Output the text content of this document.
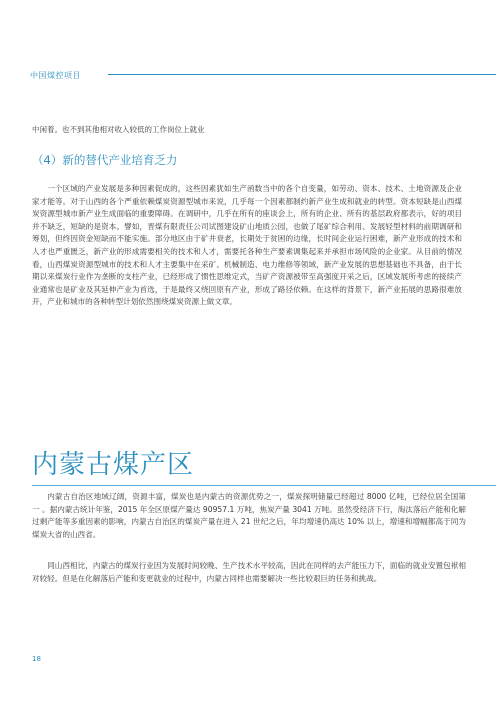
中国煤控项目

中闲着。也不到其他相对收入较低的工作岗位上就业

（4）新的替代产业培育乏力

一个区域的产业发展是多种因素促成的，这些因素犹如生产函数当中的各个自变量，如劳动、资本、技术、土地资源及企业家才能等。对于山西的各个严重依赖煤炭资源型城市来说，几乎每一个因素都制约新产业生成和就业的转型。资本短缺是山西煤炭资源型城市新产业生成面临的重要障碍。在调研中，几乎在所有的座谈会上，所有的企业、所有的基层政府都表示，好的项目并不缺乏，短缺的是资本。譬如，晋煤有限责任公司试图建设矿山地质公园，也做了尾矿综合利用、发展轻型材料的前期调研和筹划，但终因资金短缺而不能实施。部分地区由于矿井衰老，长期处于贫困的边缘，长时间企业运行困难，新产业形成的技术和人才也严重匮乏，新产业的形成需要相关的技术和人才，需要托各种生产要素调集起来并承担市场风险的企业家。从目前的情况看，山西煤炭资源型城市的技术和人才主要集中在采矿、机械制造、电力维修等领域，新产业发展的思想基础也不具备，由于长期以来煤炭行业作为垄断的支柱产业，已经形成了惯性思维定式，当矿产资源被带至高强度开采之后，区域发展所考虑的接续产业通常也是矿业及其延伸产业为首选，于是最终又绕回原有产业，形成了路径依赖。在这样的背景下，新产业拓展的思路很难放开，产业和城市的各种转型计划依然围绕煤炭资源上做文章。

内蒙古煤产区

内蒙古自治区地域辽阔，资源丰富，煤炭也是内蒙古的资源优势之一，煤炭探明储量已经超过 8000 亿吨，已经位居全国第一 。据内蒙古统计年鉴，2015 年全区原煤产量达 90957.1 万吨，焦炭产量 3041 万吨。虽然受经济下行，淘汰落后产能和化解过剩产能等多重因素的影响，内蒙古自治区的煤炭产量在进入 21 世纪之后，年均增速仍高达 10% 以上，增速和增幅都高于同为煤炭大省的山西省。

同山西相比，内蒙古的煤炭行业因为发展时间较晚、生产技术水平较高，因此在同样的去产能压力下，面临的就业安置包袱相对较轻。但是在化解落后产能和变更就业的过程中，内蒙古同样也需要解决一些比较艰巨的任务和挑战。

18
